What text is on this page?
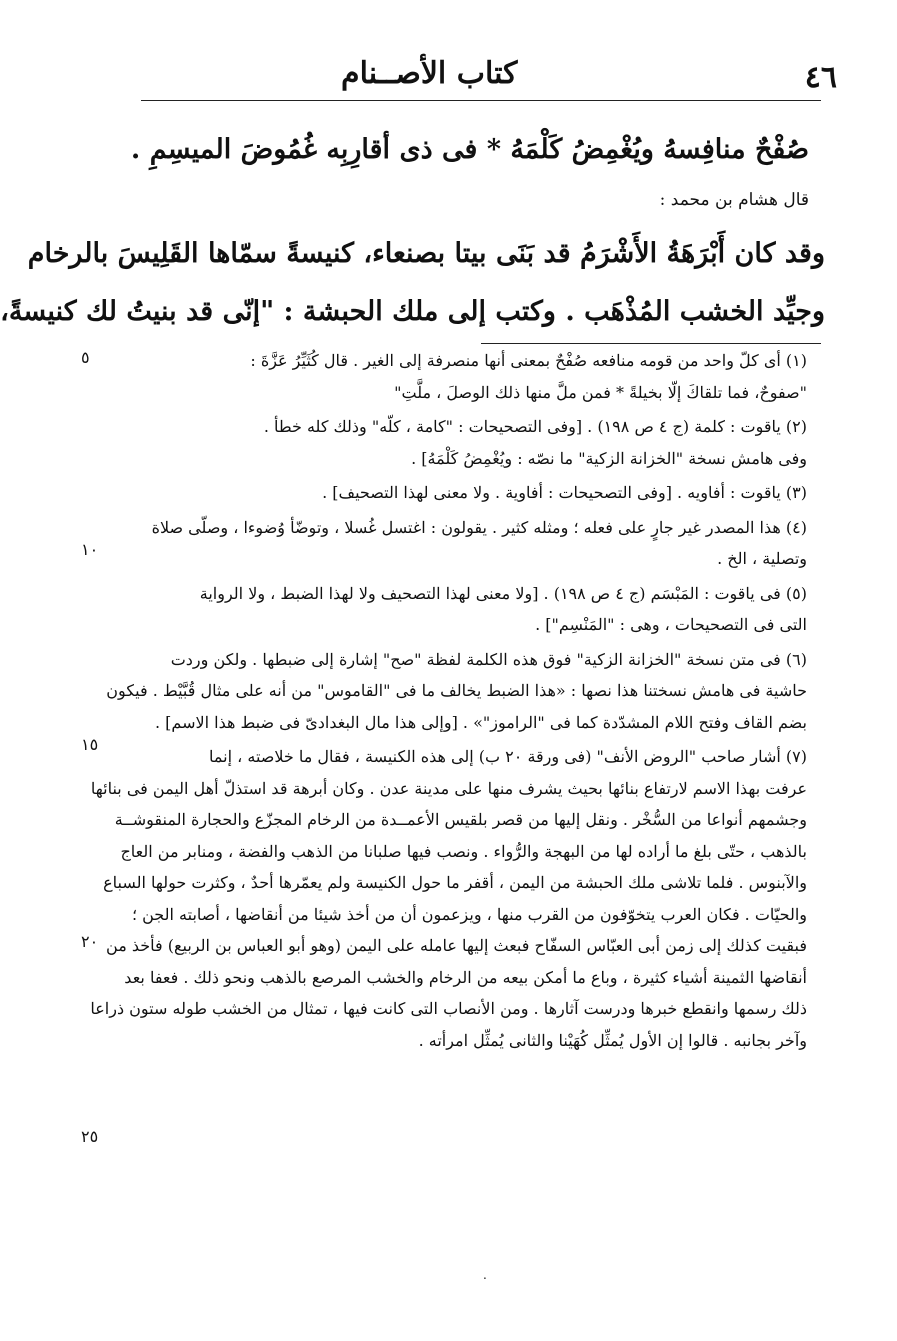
٤٦
كتاب الأصــنام
صُفْحٌ منافِسهُ ويُغْمِضُ كَلْمَهُ * فى ذى أقارِبِه غُمُوضَ الميسِمِ .
قال هشام بن محمد :
وقد كان أَبْرَهَةُ الأَشْرَمُ قد بَنَى بيتا بصنعاء، كنيسةً سمّاها القَلِيسَ بالرخام
وجيِّد الخشب المُذْهَب . وكتب إلى ملك الحبشة : "إنّى قد بنيتُ لك كنيسةً،
(١) أى كلّ واحد من قومه منافعه صُفْحٌ بمعنى أنها منصرفة إلى الغير . قال كُثَيِّرُ عَزَّةَ :
"صفوحٌ، فما تلقاكَ إلّا بخيلةً * فمن ملَّ منها ذلك الوصلَ ، ملَّتِ"
(٢) ياقوت : كلمة (ج ٤ ص ١٩٨) . [وفى التصحيحات : "كامة ، كلّه" وذلك كله خطأ .
وفى هامش نسخة "الخزانة الزكية" ما نصّه : ويُغْمِضُ كَلْمَهُ] .
(٣) ياقوت : أفاويه . [وفى التصحيحات : أفاوية . ولا معنى لهذا التصحيف] .
(٤) هذا المصدر غير جارٍ على فعله ؛ ومثله كثير . يقولون : اغتسل غُسلا ، وتوضّأ وُضوءا ، وصلّى صلاة
وتصلية ، الخ .
(٥) فى ياقوت : المَبْسَم (ج ٤ ص ١٩٨) . [ولا معنى لهذا التصحيف ولا لهذا الضبط ، ولا الرواية
التى فى التصحيحات ، وهى : "المَنْسِم"] .
(٦) فى متن نسخة "الخزانة الزكية" فوق هذه الكلمة لفظة "صح" إشارة إلى ضبطها . ولكن وردت
حاشية فى هامش نسختنا هذا نصها : «هذا الضبط يخالف ما فى "القاموس" من أنه على مثال قُبَّيْط . فيكون
بضم القاف وفتح اللام المشدّدة كما فى "الراموز"» . [وإلى هذا مال البغدادىّ فى ضبط هذا الاسم] .
(٧) أشار صاحب "الروض الأنف" (فى ورقة ٢٠ ب) إلى هذه الكنيسة ، فقال ما خلاصته ، إنما
عرفت بهذا الاسم لارتفاع بنائها بحيث يشرف منها على مدينة عدن . وكان أبرهة قد استذلّ أهل اليمن فى بنائها
وجشمهم أنواعا من السُّخْر . ونقل إليها من قصر بلقيس الأعمــدة من الرخام المجزّع والحجارة المنقوشــة
بالذهب ، حتّى بلغ ما أراده لها من البهجة والرُّواء . ونصب فيها صلبانا من الذهب والفضة ، ومنابر من العاج
والآبنوس . فلما تلاشى ملك الحبشة من اليمن ، أقفر ما حول الكنيسة ولم يعمّرها أحدٌ ، وكثرت حولها السباع
والحيّات . فكان العرب يتخوّفون من القرب منها ، ويزعمون أن من أخذ شيئا من أنقاضها ، أصابته الجن ؛
فبقيت كذلك إلى زمن أبى العبّاس السفّاح فبعث إليها عامله على اليمن (وهو أبو العباس بن الربيع) فأخذ من
أنقاضها الثمينة أشياء كثيرة ، وباع ما أمكن بيعه من الرخام والخشب المرصع بالذهب ونحو ذلك . فعفا بعد
ذلك رسمها وانقطع خبرها ودرست آثارها . ومن الأنصاب التى كانت فيها ، تمثال من الخشب طوله ستون ذراعا
وآخر بجانبه . قالوا إن الأول يُمثِّل كُهَيْنا والثانى يُمثِّل امرأته .
٥
١٠
١٥
٢٠
٢٥
.
